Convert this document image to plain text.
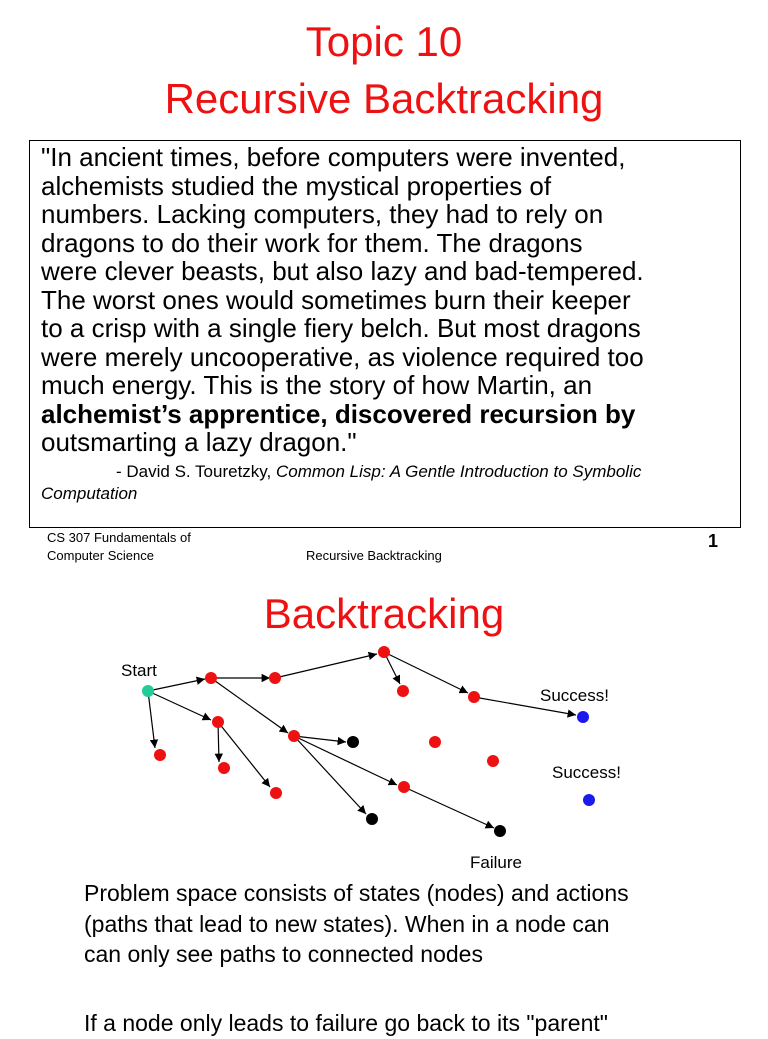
Topic 10
Recursive Backtracking
"In ancient times, before computers were invented,
alchemists studied the mystical properties of
numbers. Lacking computers, they had to rely on
dragons to do their work for them. The dragons
were clever beasts, but also lazy and bad-tempered.
The worst ones would sometimes burn their keeper
to a crisp with a single fiery belch. But most dragons
were merely uncooperative, as violence required too
much energy. This is the story of how Martin, an
alchemist’s apprentice, discovered recursion by
outsmarting a lazy dragon."
- David S. Touretzky, Common Lisp: A Gentle Introduction to Symbolic Computation
CS 307 Fundamentals of
Computer Science	Recursive Backtracking
1
Backtracking
Start
Success!
Success!
Failure
Problem space consists of states (nodes) and actions
(paths that lead to new states). When in a node can
can only see paths to connected nodes
If a node only leads to failure go back to its "parent"
